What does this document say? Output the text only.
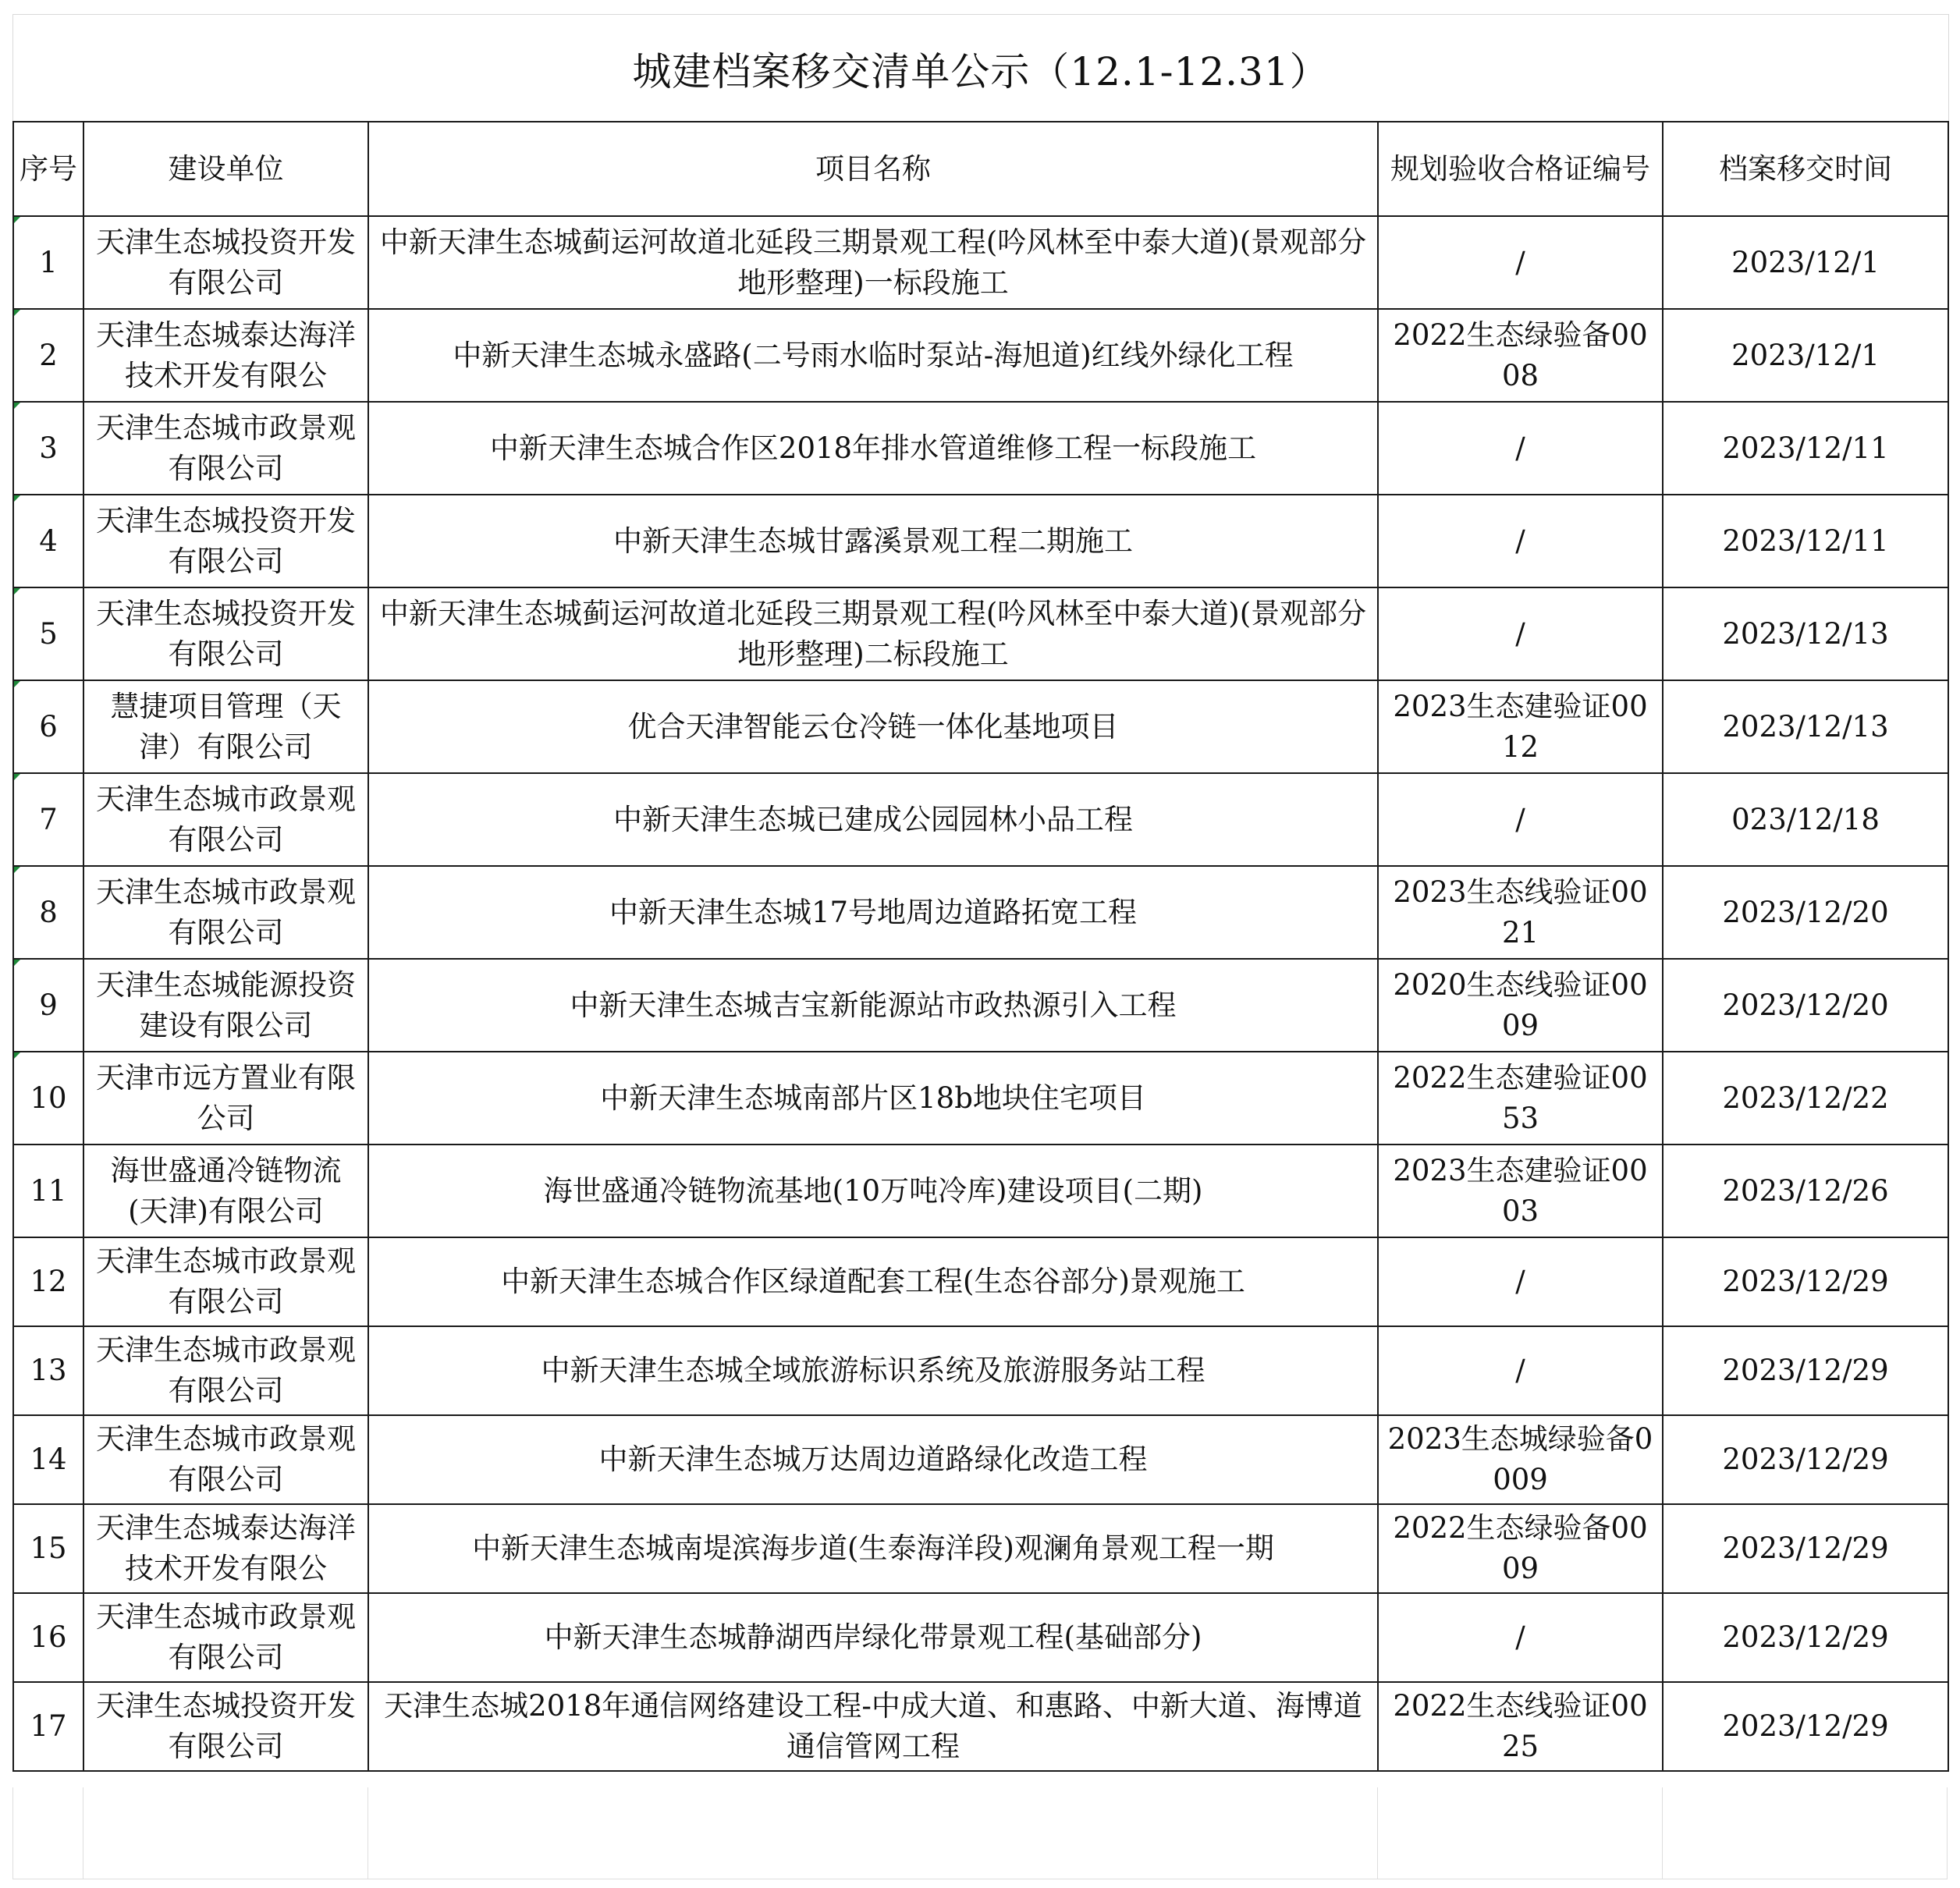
城建档案移交清单公示（12.1-12.31）
序号	建设单位	项目名称	规划验收合格证编号	档案移交时间

1	天津生态城投资开发有限公司	中新天津生态城蓟运河故道北延段三期景观工程(吟风林至中泰大道)(景观部分地形整理)一标段施工	/	2023/12/1

2	天津生态城泰达海洋技术开发有限公	中新天津生态城永盛路(二号雨水临时泵站-海旭道)红线外绿化工程	2022生态绿验备0008	2023/12/1

3	天津生态城市政景观有限公司	中新天津生态城合作区2018年排水管道维修工程一标段施工	/	2023/12/11

4	天津生态城投资开发有限公司	中新天津生态城甘露溪景观工程二期施工	/	2023/12/11

5	天津生态城投资开发有限公司	中新天津生态城蓟运河故道北延段三期景观工程(吟风林至中泰大道)(景观部分地形整理)二标段施工	/	2023/12/13

6	慧捷项目管理（天津）有限公司	优合天津智能云仓冷链一体化基地项目	2023生态建验证0012	2023/12/13

7	天津生态城市政景观有限公司	中新天津生态城已建成公园园林小品工程	/	023/12/18

8	天津生态城市政景观有限公司	中新天津生态城17号地周边道路拓宽工程	2023生态线验证0021	2023/12/20

9	天津生态城能源投资建设有限公司	中新天津生态城吉宝新能源站市政热源引入工程	2020生态线验证0009	2023/12/20

10	天津市远方置业有限公司	中新天津生态城南部片区18b地块住宅项目	2022生态建验证0053	2023/12/22

11	海世盛通冷链物流(天津)有限公司	海世盛通冷链物流基地(10万吨冷库)建设项目(二期)	2023生态建验证0003	2023/12/26

12	天津生态城市政景观有限公司	中新天津生态城合作区绿道配套工程(生态谷部分)景观施工	/	2023/12/29

13	天津生态城市政景观有限公司	中新天津生态城全域旅游标识系统及旅游服务站工程	/	2023/12/29

14	天津生态城市政景观有限公司	中新天津生态城万达周边道路绿化改造工程	2023生态城绿验备0009	2023/12/29

15	天津生态城泰达海洋技术开发有限公	中新天津生态城南堤滨海步道(生泰海洋段)观澜角景观工程一期	2022生态绿验备0009	2023/12/29

16	天津生态城市政景观有限公司	中新天津生态城静湖西岸绿化带景观工程(基础部分)	/	2023/12/29

17	天津生态城投资开发有限公司	天津生态城2018年通信网络建设工程-中成大道、和惠路、中新大道、海博道通信管网工程	2022生态线验证0025	2023/12/29
